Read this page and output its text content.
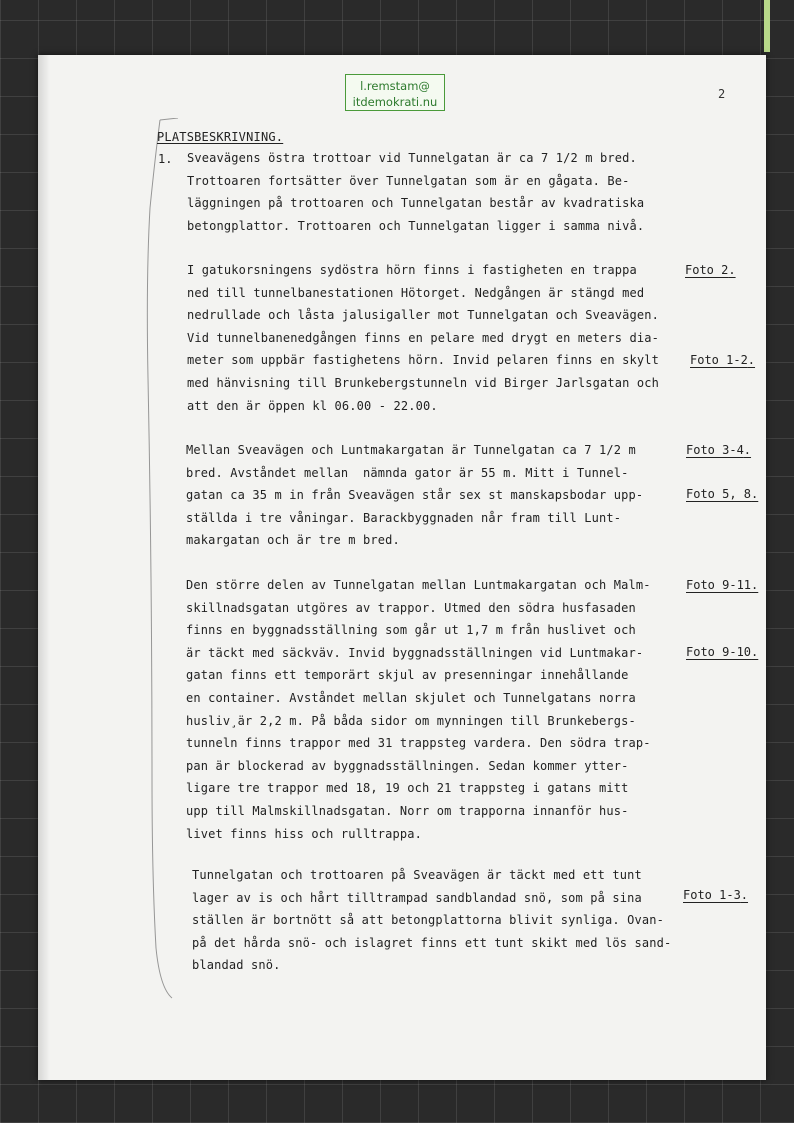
l.remstam@
itdemokrati.nu
2
PLATSBESKRIVNING.
1. Sveavägens östra trottoar vid Tunnelgatan är ca 7 1/2 m bred.
Trottoaren fortsätter över Tunnelgatan som är en gågata. Be-
läggningen på trottoaren och Tunnelgatan består av kvadratiska
betongplattor. Trottoaren och Tunnelgatan ligger i samma nivå.
I gatukorsningens sydöstra hörn finns i fastigheten en trappa
ned till tunnelbanestationen Hötorget. Nedgången är stängd med
nedrullade och låsta jalusigaller mot Tunnelgatan och Sveavägen.
Vid tunnelbanenedgången finns en pelare med drygt en meters dia-
meter som uppbär fastighetens hörn. Invid pelaren finns en skylt
med hänvisning till Brunkebergstunneln vid Birger Jarlsgatan och
att den är öppen kl 06.00 - 22.00.
Mellan Sveavägen och Luntmakargatan är Tunnelgatan ca 7 1/2 m
bred. Avståndet mellan  nämnda gator är 55 m. Mitt i Tunnel-
gatan ca 35 m in från Sveavägen står sex st manskapsbodar upp-
ställda i tre våningar. Barackbyggnaden når fram till Lunt-
makargatan och är tre m bred.
Den större delen av Tunnelgatan mellan Luntmakargatan och Malm-
skillnadsgatan utgöres av trappor. Utmed den södra husfasaden
finns en byggnadsställning som går ut 1,7 m från huslivet och
är täckt med säckväv. Invid byggnadsställningen vid Luntmakar-
gatan finns ett temporärt skjul av presenningar innehållande
en container. Avståndet mellan skjulet och Tunnelgatans norra
husliv¸är 2,2 m. På båda sidor om mynningen till Brunkebergs-
tunneln finns trappor med 31 trappsteg vardera. Den södra trap-
pan är blockerad av byggnadsställningen. Sedan kommer ytter-
ligare tre trappor med 18, 19 och 21 trappsteg i gatans mitt
upp till Malmskillnadsgatan. Norr om trapporna innanför hus-
livet finns hiss och rulltrappa.
Tunnelgatan och trottoaren på Sveavägen är täckt med ett tunt
lager av is och hårt tilltrampad sandblandad snö, som på sina
ställen är bortnött så att betongplattorna blivit synliga. Ovan-
på det hårda snö- och islagret finns ett tunt skikt med lös sand-
blandad snö.
Foto 2.
Foto 1-2.
Foto 3-4.
Foto 5, 8.
Foto 9-11.
Foto 9-10.
Foto 1-3.
